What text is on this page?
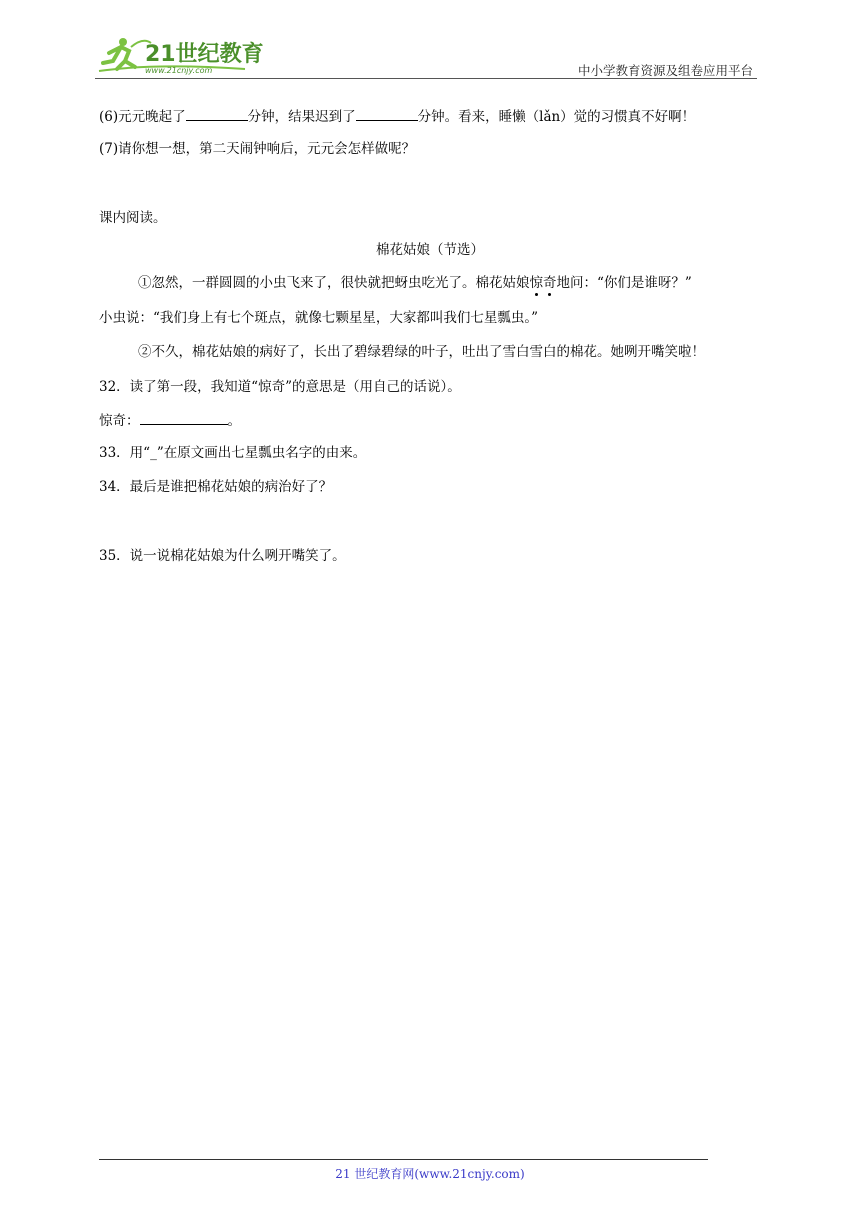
21世纪教育
www.21cnjy.com	中小学教育资源及组卷应用平台
(6)元元晚起了	分钟，结果迟到了	分钟。看来，睡懒（lǎn）觉的习惯真不好啊！
(7)请你想一想，第二天闹钟响后，元元会怎样做呢？
课内阅读。
棉花姑娘（节选）
①忽然，一群圆圆的小虫飞来了，很快就把蚜虫吃光了。棉花姑娘惊奇地问：“你们是谁呀？”
小虫说：“我们身上有七个斑点，就像七颗星星，大家都叫我们七星瓢虫。”
②不久，棉花姑娘的病好了，长出了碧绿碧绿的叶子，吐出了雪白雪白的棉花。她咧开嘴笑啦！
32．读了第一段，我知道“惊奇”的意思是（用自己的话说）。
惊奇：	。
33．用“_”在原文画出七星瓢虫名字的由来。
34．最后是谁把棉花姑娘的病治好了？
35．说一说棉花姑娘为什么咧开嘴笑了。
21 世纪教育网(www.21cnjy.com)
